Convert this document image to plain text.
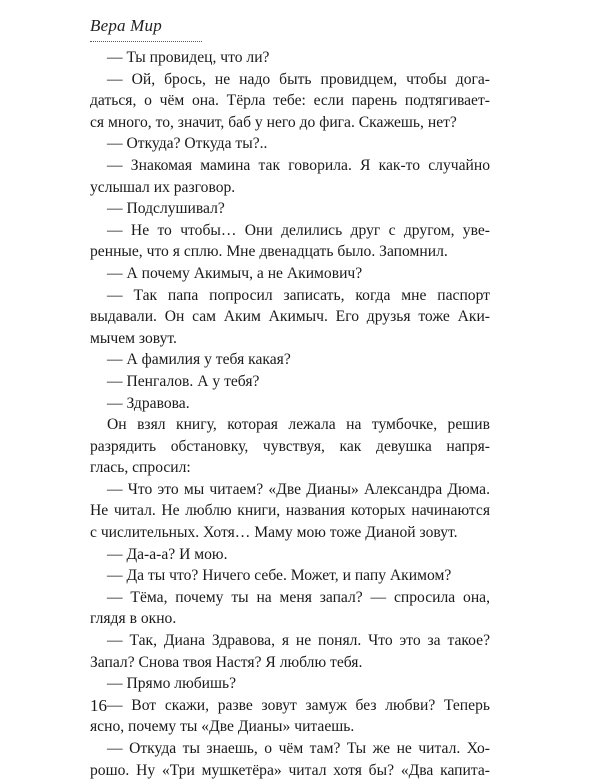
Вера Мир
— Ты провидец, что ли?
— Ой, брось, не надо быть провидцем, чтобы дога-
даться, о чём она. Тёрла тебе: если парень подтягивает-
ся много, то, значит, баб у него до фига. Скажешь, нет?
— Откуда? Откуда ты?..
— Знакомая мамина так говорила. Я как-то случайно
услышал их разговор.
— Подслушивал?
— Не то чтобы… Они делились друг с другом, уве-
ренные, что я сплю. Мне двенадцать было. Запомнил.
— А почему Акимыч, а не Акимович?
— Так папа попросил записать, когда мне паспорт
выдавали. Он сам Аким Акимыч. Его друзья тоже Аки-
мычем зовут.
— А фамилия у тебя какая?
— Пенгалов. А у тебя?
— Здравова.
Он взял книгу, которая лежала на тумбочке, решив
разрядить обстановку, чувствуя, как девушка напря-
глась, спросил:
— Что это мы читаем? «Две Дианы» Александра Дюма.
Не читал. Не люблю книги, названия которых начинаются
с числительных. Хотя… Маму мою тоже Дианой зовут.
— Да-а-а? И мою.
— Да ты что? Ничего себе. Может, и папу Акимом?
— Тёма, почему ты на меня запал? — спросила она,
глядя в окно.
— Так, Диана Здравова, я не понял. Что это за такое?
Запал? Снова твоя Настя? Я люблю тебя.
— Прямо любишь?
— Вот скажи, разве зовут замуж без любви? Теперь
ясно, почему ты «Две Дианы» читаешь.
— Откуда ты знаешь, о чём там? Ты же не читал. Хо-
рошо. Ну «Три мушкетёра» читал хотя бы? «Два капита-
16
